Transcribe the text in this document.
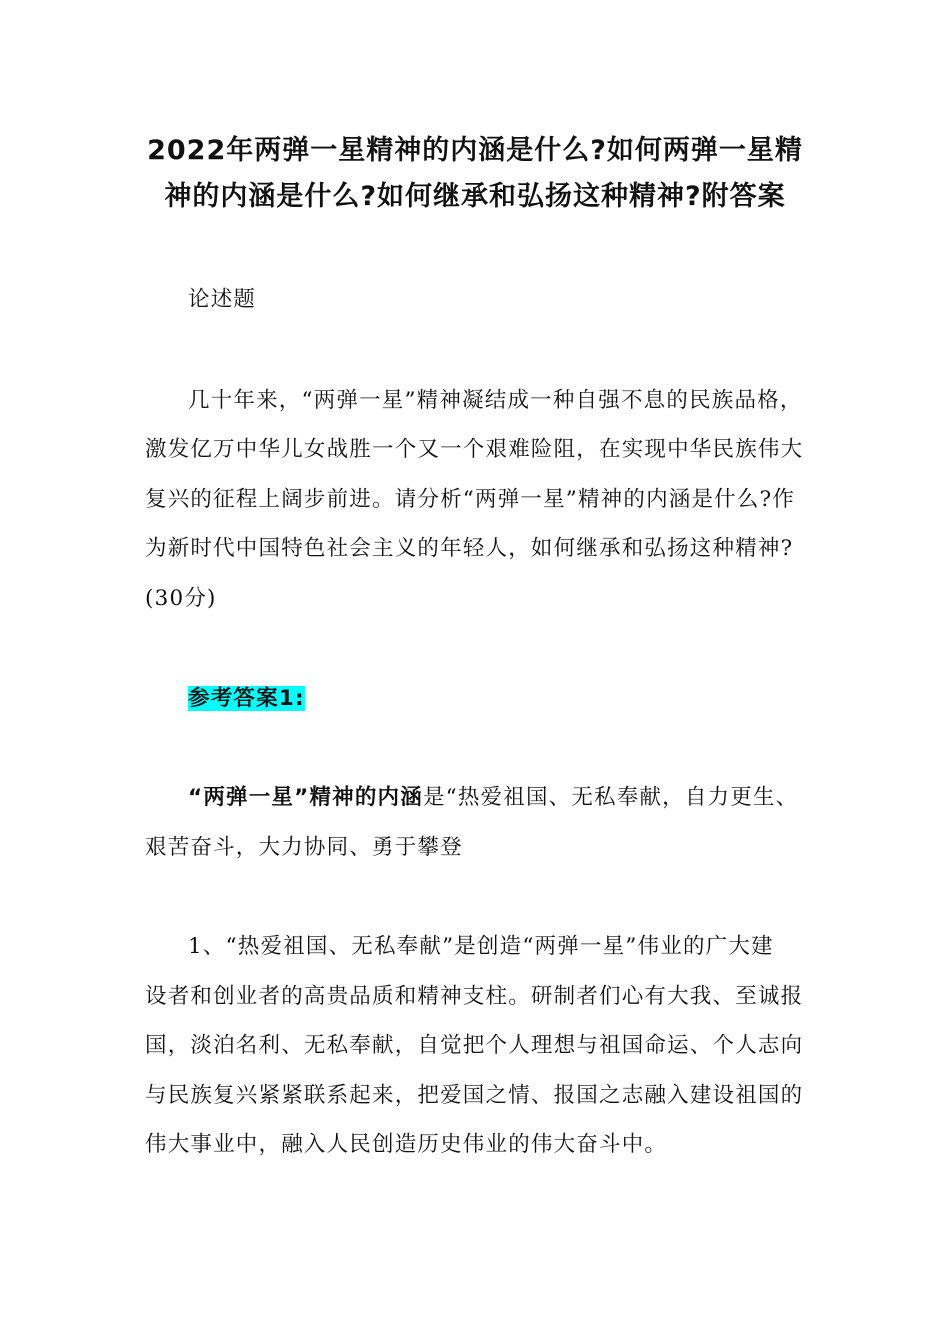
2022年两弹一星精神的内涵是什么?如何两弹一星精
神的内涵是什么?如何继承和弘扬这种精神?附答案
论述题
几十年来，“两弹一星”精神凝结成一种自强不息的民族品格，
激发亿万中华儿女战胜一个又一个艰难险阻，在实现中华民族伟大
复兴的征程上阔步前进。请分析“两弹一星”精神的内涵是什么?作
为新时代中国特色社会主义的年轻人，如何继承和弘扬这种精神?
(30分)
参考答案1:
“两弹一星”精神的内涵是“热爱祖国、无私奉献，自力更生、
艰苦奋斗，大力协同、勇于攀登
1、“热爱祖国、无私奉献”是创造“两弹一星”伟业的广大建
设者和创业者的高贵品质和精神支柱。研制者们心有大我、至诚报
国，淡泊名利、无私奉献，自觉把个人理想与祖国命运、个人志向
与民族复兴紧紧联系起来，把爱国之情、报国之志融入建设祖国的
伟大事业中，融入人民创造历史伟业的伟大奋斗中。
